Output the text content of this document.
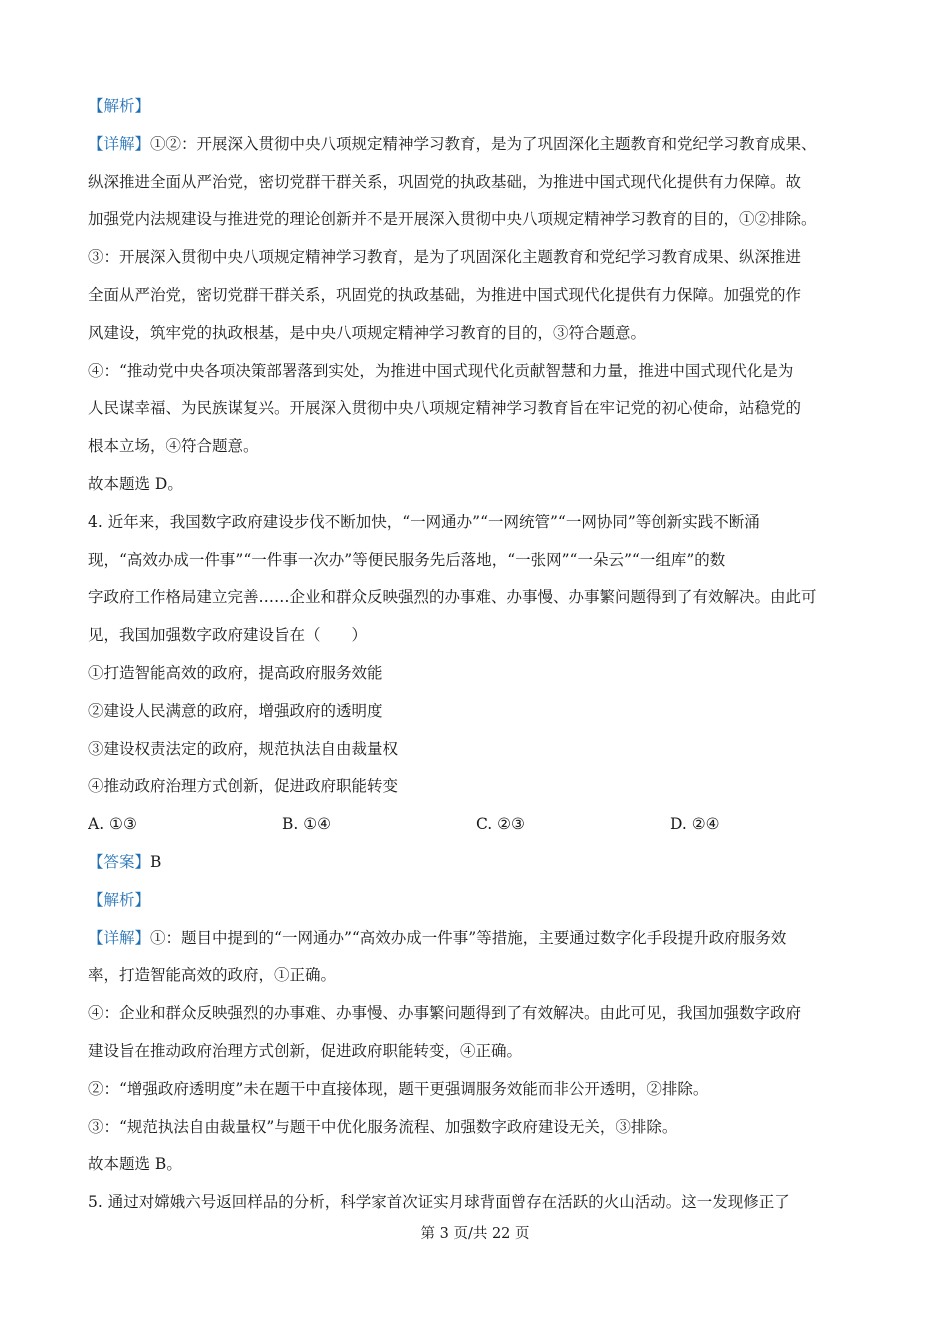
【解析】
【详解】①②：开展深入贯彻中央八项规定精神学习教育，是为了巩固深化主题教育和党纪学习教育成果、
纵深推进全面从严治党，密切党群干群关系，巩固党的执政基础，为推进中国式现代化提供有力保障。故
加强党内法规建设与推进党的理论创新并不是开展深入贯彻中央八项规定精神学习教育的目的，①②排除。
③：开展深入贯彻中央八项规定精神学习教育，是为了巩固深化主题教育和党纪学习教育成果、纵深推进
全面从严治党，密切党群干群关系，巩固党的执政基础，为推进中国式现代化提供有力保障。加强党的作
风建设，筑牢党的执政根基，是中央八项规定精神学习教育的目的，③符合题意。
④：“推动党中央各项决策部署落到实处，为推进中国式现代化贡献智慧和力量，推进中国式现代化是为
人民谋幸福、为民族谋复兴。开展深入贯彻中央八项规定精神学习教育旨在牢记党的初心使命，站稳党的
根本立场，④符合题意。
故本题选 D。
4. 近年来，我国数字政府建设步伐不断加快，“一网通办”“一网统管”“一网协同”等创新实践不断涌
现，“高效办成一件事”“一件事一次办”等便民服务先后落地，“一张网”“一朵云”“一组库”的数
字政府工作格局建立完善……企业和群众反映强烈的办事难、办事慢、办事繁问题得到了有效解决。由此可
见，我国加强数字政府建设旨在（　　）
①打造智能高效的政府，提高政府服务效能
②建设人民满意的政府，增强政府的透明度
③建设权责法定的政府，规范执法自由裁量权
④推动政府治理方式创新，促进政府职能转变
A. ①③	B. ①④	C. ②③	D. ②④
【答案】B
【解析】
【详解】①：题目中提到的“一网通办”“高效办成一件事”等措施，主要通过数字化手段提升政府服务效
率，打造智能高效的政府，①正确。
④：企业和群众反映强烈的办事难、办事慢、办事繁问题得到了有效解决。由此可见，我国加强数字政府
建设旨在推动政府治理方式创新，促进政府职能转变，④正确。
②：“增强政府透明度”未在题干中直接体现，题干更强调服务效能而非公开透明，②排除。
③：“规范执法自由裁量权”与题干中优化服务流程、加强数字政府建设无关，③排除。
故本题选 B。
5. 通过对嫦娥六号返回样品的分析，科学家首次证实月球背面曾存在活跃的火山活动。这一发现修正了
第 3 页/共 22 页
